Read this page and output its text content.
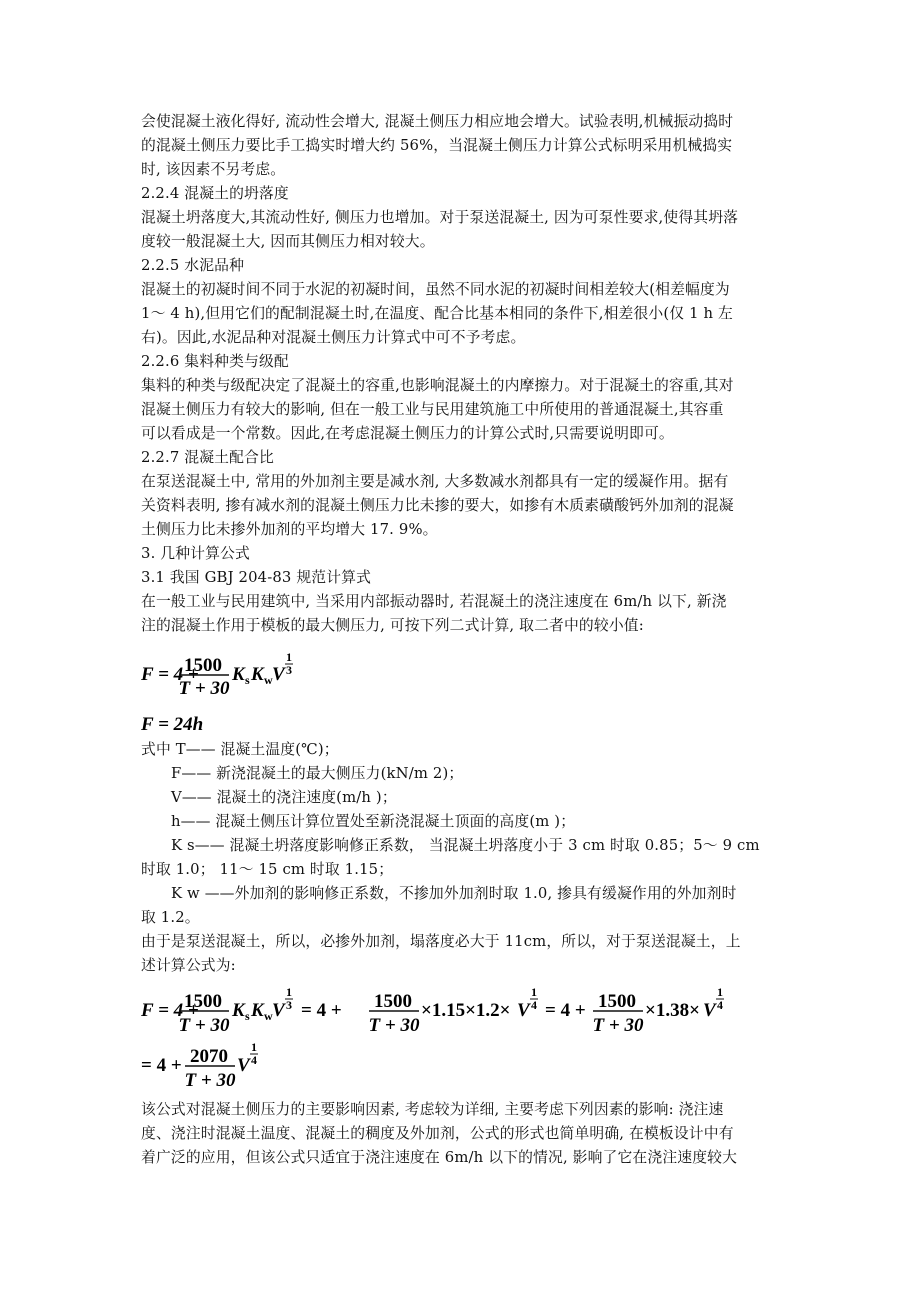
会使混凝土液化得好, 流动性会增大, 混凝土侧压力相应地会增大。试验表明,机械振动捣时
的混凝土侧压力要比手工捣实时增大约 56%，当混凝土侧压力计算公式标明采用机械捣实
时, 该因素不另考虑。
2.2.4 混凝土的坍落度
混凝土坍落度大,其流动性好, 侧压力也增加。对于泵送混凝土, 因为可泵性要求,使得其坍落
度较一般混凝土大, 因而其侧压力相对较大。
2.2.5 水泥品种
混凝土的初凝时间不同于水泥的初凝时间，虽然不同水泥的初凝时间相差较大(相差幅度为
1～ 4 h),但用它们的配制混凝土时,在温度、配合比基本相同的条件下,相差很小(仅 1 h 左
右)。因此,水泥品种对混凝土侧压力计算式中可不予考虑。
2.2.6 集料种类与级配
集料的种类与级配决定了混凝土的容重,也影响混凝土的内摩擦力。对于混凝土的容重,其对
混凝土侧压力有较大的影响, 但在一般工业与民用建筑施工中所使用的普通混凝土,其容重
可以看成是一个常数。因此,在考虑混凝土侧压力的计算公式时,只需要说明即可。
2.2.7 混凝土配合比
在泵送混凝土中, 常用的外加剂主要是减水剂, 大多数减水剂都具有一定的缓凝作用。据有
关资料表明, 掺有减水剂的混凝土侧压力比未掺的要大，如掺有木质素磺酸钙外加剂的混凝
土侧压力比未掺外加剂的平均增大 17. 9%。
3. 几种计算公式
3.1 我国 GBJ 204-83 规范计算式
在一般工业与民用建筑中, 当采用内部振动器时, 若混凝土的浇注速度在 6m/h 以下, 新浇
注的混凝土作用于模板的最大侧压力, 可按下列二式计算, 取二者中的较小值:
F = 4 +
1500
T + 30
K s K w V
1
3
F = 24h
式中 T—— 混凝土温度(℃)；
F—— 新浇混凝土的最大侧压力(kN/m 2)；
V—— 混凝土的浇注速度(m/h )；
h—— 混凝土侧压计算位置处至新浇混凝土顶面的高度(m )；
K s—— 混凝土坍落度影响修正系数， 当混凝土坍落度小于 3 cm 时取 0.85；5～ 9 cm
时取 1.0； 11～ 15 cm 时取 1.15；
K w ——外加剂的影响修正系数，不掺加外加剂时取 1.0, 掺具有缓凝作用的外加剂时
取 1.2。
由于是泵送混凝土，所以，必掺外加剂，塌落度必大于 11cm，所以，对于泵送混凝土，上
述计算公式为:
F = 4 +
1500
T + 30
K s K w V
1
3 = 4 + 1500
T + 30
×1.15×1.2× V
1
4 = 4 + 1500
T + 30
×1.38× V
1
4
= 4 + 2070
T + 30
V
1
4
该公式对混凝土侧压力的主要影响因素, 考虑较为详细, 主要考虑下列因素的影响: 浇注速
度、浇注时混凝土温度、混凝土的稠度及外加剂，公式的形式也简单明确, 在模板设计中有
着广泛的应用，但该公式只适宜于浇注速度在 6m/h 以下的情况, 影响了它在浇注速度较大
